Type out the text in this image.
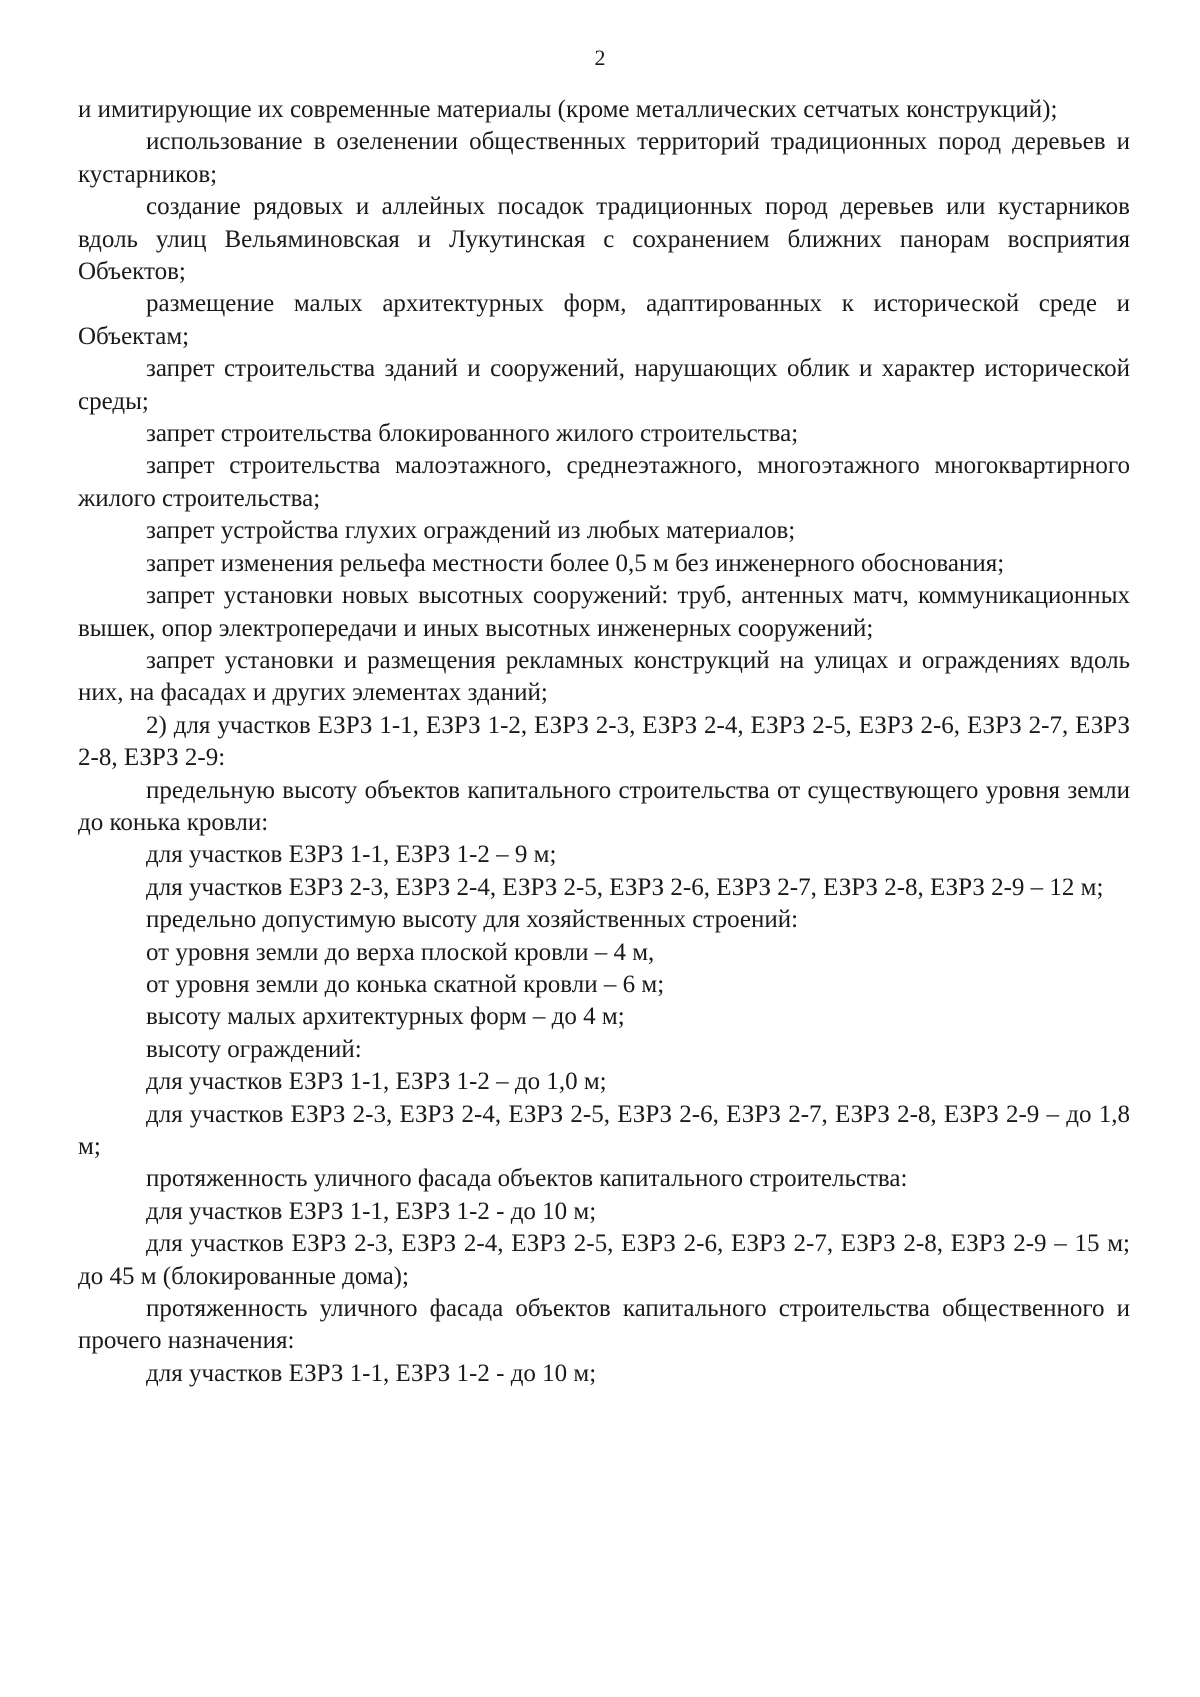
2

и имитирующие их современные материалы (кроме металлических сетчатых конструкций);

использование в озеленении общественных территорий традиционных пород деревьев и кустарников;

создание рядовых и аллейных посадок традиционных пород деревьев или кустарников вдоль улиц Вельяминовская и Лукутинская с сохранением ближних панорам восприятия Объектов;

размещение малых архитектурных форм, адаптированных к исторической среде и Объектам;

запрет строительства зданий и сооружений, нарушающих облик и характер исторической среды;

запрет строительства блокированного жилого строительства;

запрет строительства малоэтажного, среднеэтажного, многоэтажного многоквартирного жилого строительства;

запрет устройства глухих ограждений из любых материалов;

запрет изменения рельефа местности более 0,5 м без инженерного обоснования;

запрет установки новых высотных сооружений: труб, антенных матч, коммуникационных вышек, опор электропередачи и иных высотных инженерных сооружений;

запрет установки и размещения рекламных конструкций на улицах и ограждениях вдоль них, на фасадах и других элементах зданий;

2) для участков ЕЗРЗ 1-1, ЕЗРЗ 1-2, ЕЗРЗ 2-3, ЕЗРЗ 2-4, ЕЗРЗ 2-5, ЕЗРЗ 2-6, ЕЗРЗ 2-7, ЕЗРЗ 2-8, ЕЗРЗ 2-9:

предельную высоту объектов капитального строительства от существующего уровня земли до конька кровли:

для участков ЕЗРЗ 1-1, ЕЗРЗ 1-2 – 9 м;

для участков ЕЗРЗ 2-3, ЕЗРЗ 2-4, ЕЗРЗ 2-5, ЕЗРЗ 2-6, ЕЗРЗ 2-7, ЕЗРЗ 2-8, ЕЗРЗ 2-9 – 12 м;

предельно допустимую высоту для хозяйственных строений:

от уровня земли до верха плоской кровли – 4 м,

от уровня земли до конька скатной кровли – 6 м;

высоту малых архитектурных форм – до 4 м;

высоту ограждений:

для участков ЕЗРЗ 1-1, ЕЗРЗ 1-2 – до 1,0 м;

для участков ЕЗРЗ 2-3, ЕЗРЗ 2-4, ЕЗРЗ 2-5, ЕЗРЗ 2-6, ЕЗРЗ 2-7, ЕЗРЗ 2-8, ЕЗРЗ 2-9 – до 1,8 м;

протяженность уличного фасада объектов капитального строительства:

для участков ЕЗРЗ 1-1, ЕЗРЗ 1-2 - до 10 м;

для участков ЕЗРЗ 2-3, ЕЗРЗ 2-4, ЕЗРЗ 2-5, ЕЗРЗ 2-6, ЕЗРЗ 2-7, ЕЗРЗ 2-8, ЕЗРЗ 2-9 – 15 м; до 45 м (блокированные дома);

протяженность уличного фасада объектов капитального строительства общественного и прочего назначения:

для участков ЕЗРЗ 1-1, ЕЗРЗ 1-2 - до 10 м;
